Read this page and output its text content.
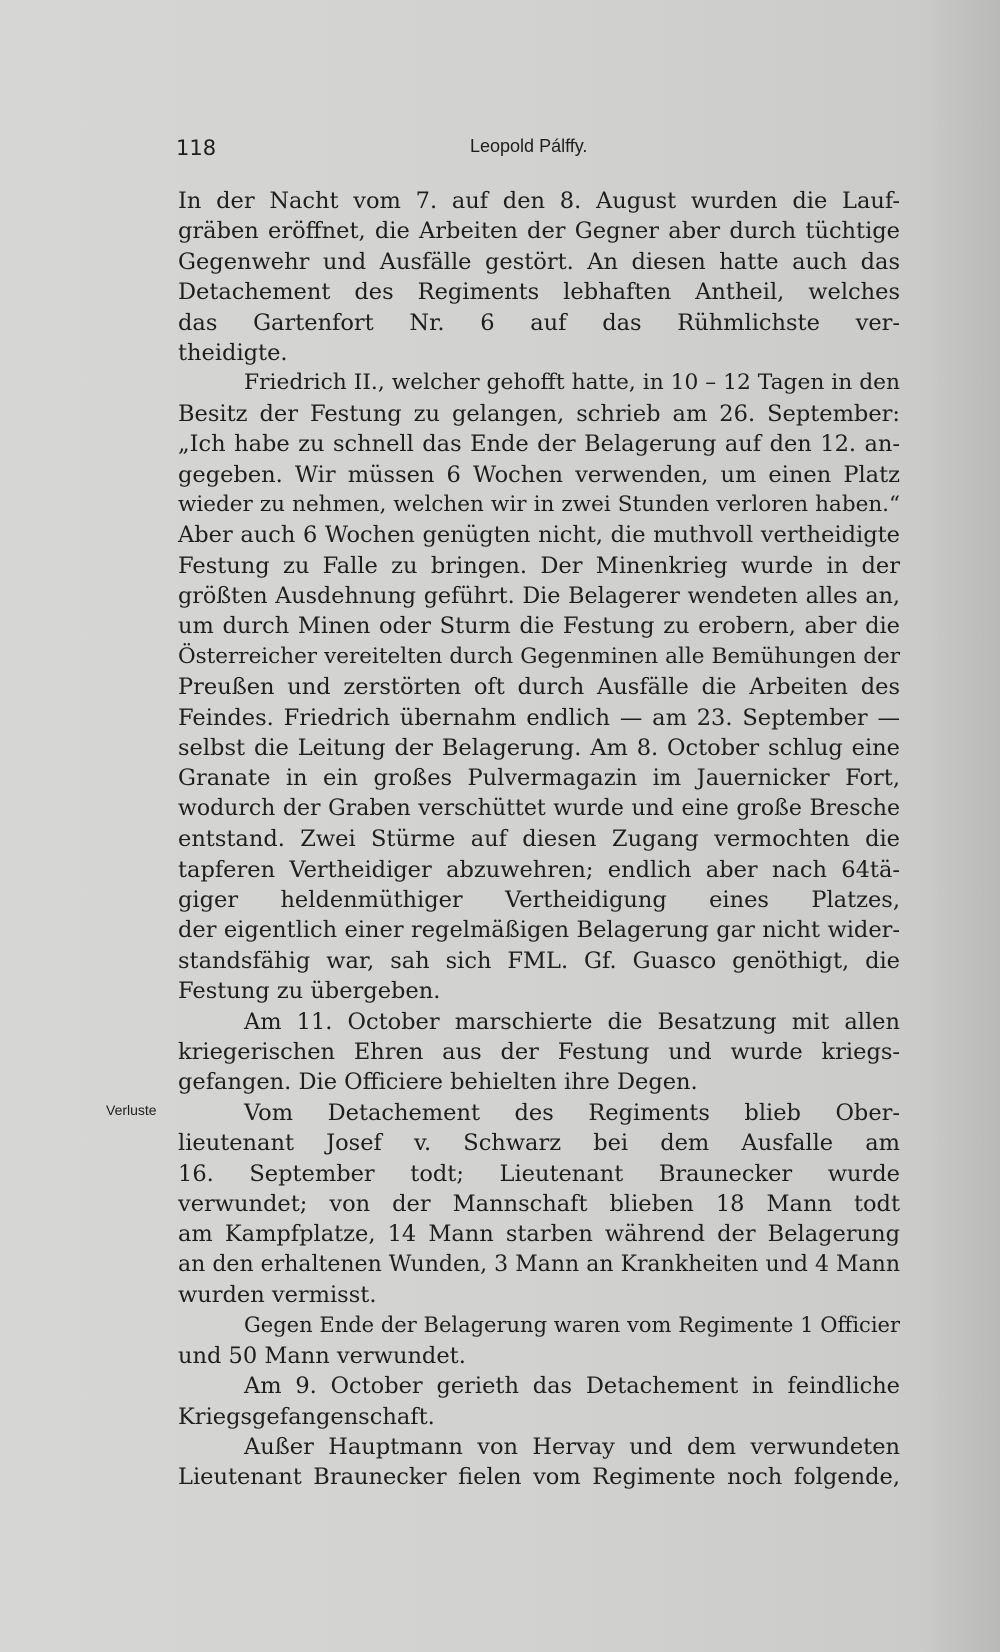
118	Leopold Pálffy.
Verluste
In der Nacht vom 7. auf den 8. August wurden die Lauf-
gräben eröffnet, die Arbeiten der Gegner aber durch tüchtige
Gegenwehr und Ausfälle gestört. An diesen hatte auch das
Detachement des Regiments lebhaften Antheil, welches
das Gartenfort Nr. 6 auf das Rühmlichste ver-
theidigte.
Friedrich II., welcher gehofft hatte, in 10 – 12 Tagen in den
Besitz der Festung zu gelangen, schrieb am 26. September:
„Ich habe zu schnell das Ende der Belagerung auf den 12. an-
gegeben. Wir müssen 6 Wochen verwenden, um einen Platz
wieder zu nehmen, welchen wir in zwei Stunden verloren haben.“
Aber auch 6 Wochen genügten nicht, die muthvoll vertheidigte
Festung zu Falle zu bringen. Der Minenkrieg wurde in der
größten Ausdehnung geführt. Die Belagerer wendeten alles an,
um durch Minen oder Sturm die Festung zu erobern, aber die
Österreicher vereitelten durch Gegenminen alle Bemühungen der
Preußen und zerstörten oft durch Ausfälle die Arbeiten des
Feindes. Friedrich übernahm endlich — am 23. September —
selbst die Leitung der Belagerung. Am 8. October schlug eine
Granate in ein großes Pulvermagazin im Jauernicker Fort,
wodurch der Graben verschüttet wurde und eine große Bresche
entstand. Zwei Stürme auf diesen Zugang vermochten die
tapferen Vertheidiger abzuwehren; endlich aber nach 64tä-
giger heldenmüthiger Vertheidigung eines Platzes,
der eigentlich einer regelmäßigen Belagerung gar nicht wider-
standsfähig war, sah sich FML. Gf. Guasco genöthigt, die
Festung zu übergeben.
Am 11. October marschierte die Besatzung mit allen
kriegerischen Ehren aus der Festung und wurde kriegs-
gefangen. Die Officiere behielten ihre Degen.
Vom Detachement des Regiments blieb Ober-
lieutenant Josef v. Schwarz bei dem Ausfalle am
16. September todt; Lieutenant Braunecker wurde
verwundet; von der Mannschaft blieben 18 Mann todt
am Kampfplatze, 14 Mann starben während der Belagerung
an den erhaltenen Wunden, 3 Mann an Krankheiten und 4 Mann
wurden vermisst.
Gegen Ende der Belagerung waren vom Regimente 1 Officier
und 50 Mann verwundet.
Am 9. October gerieth das Detachement in feindliche
Kriegsgefangenschaft.
Außer Hauptmann von Hervay und dem verwundeten
Lieutenant Braunecker fielen vom Regimente noch folgende,
